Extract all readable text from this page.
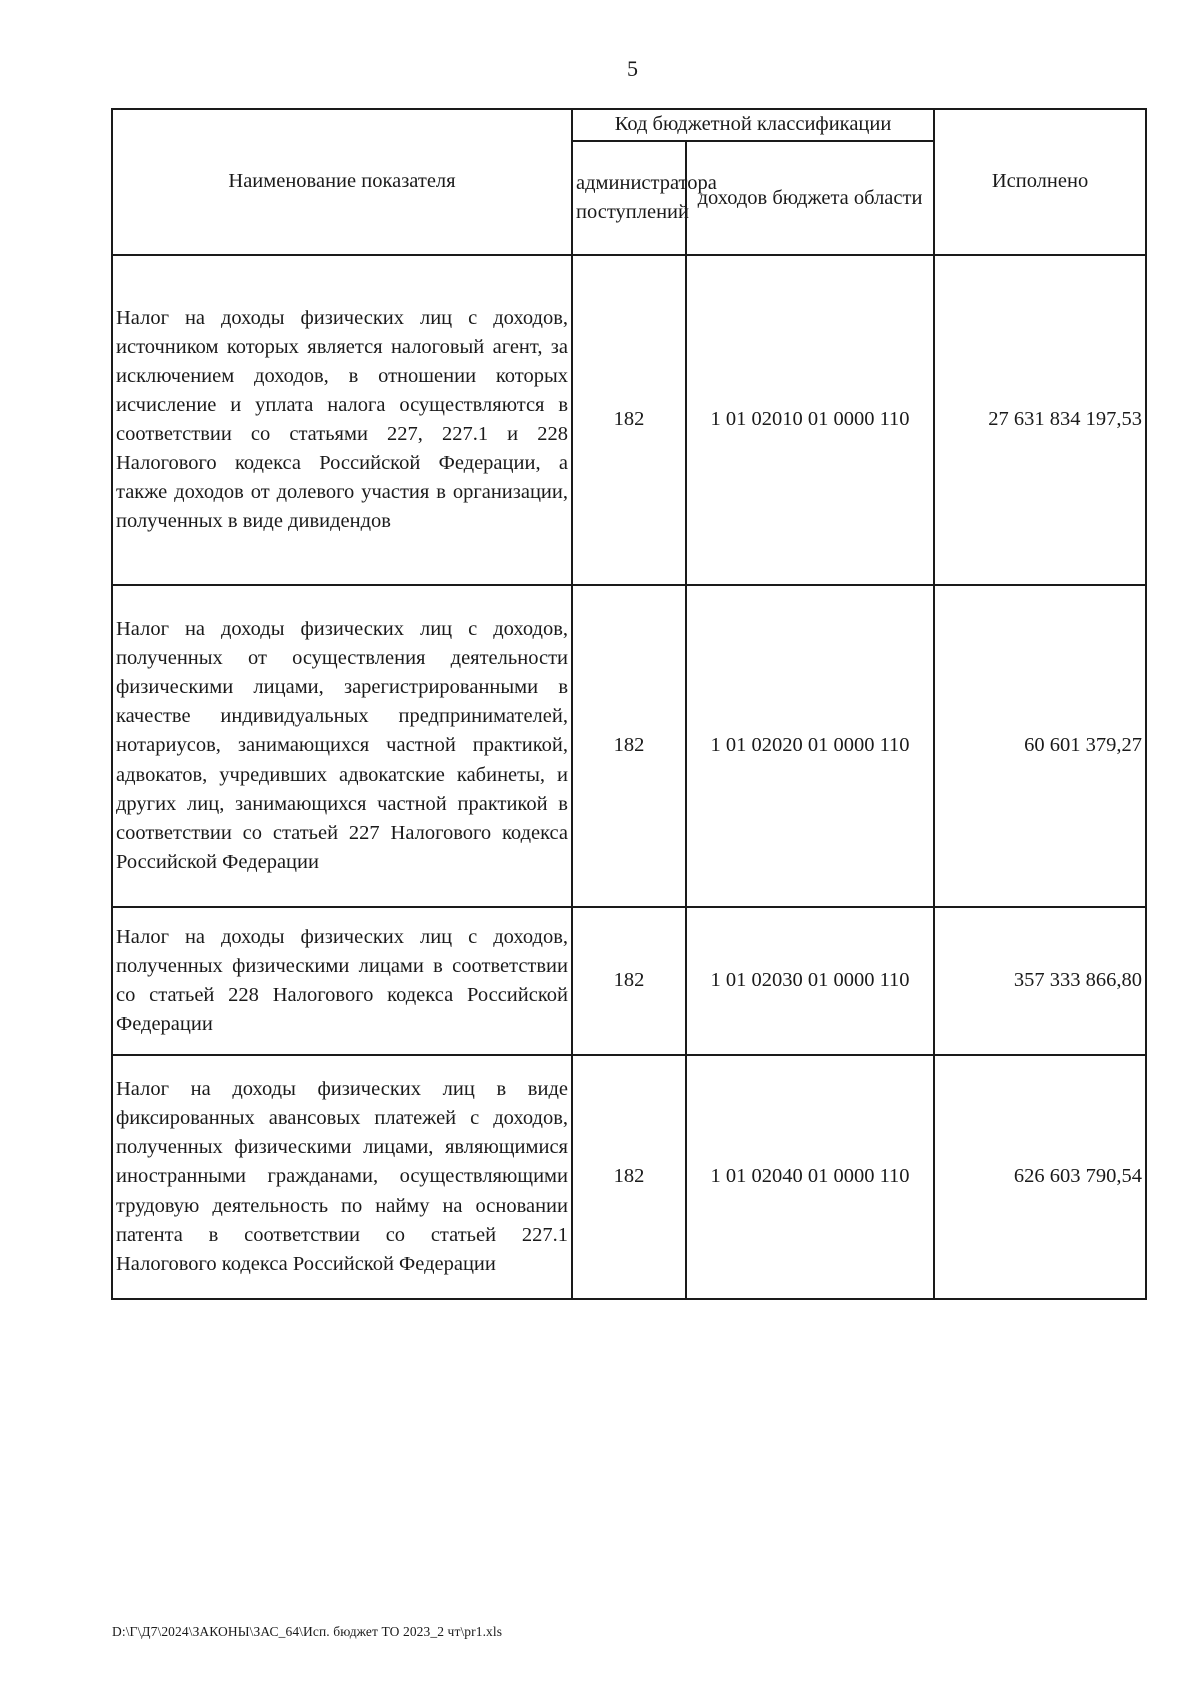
5
Наименование показателя	Код бюджетной классификации		Исполнено
	администратора поступлений	доходов бюджета области	
Налог на доходы физических лиц с доходов, источником которых является налоговый агент, за исключением доходов, в отношении которых исчисление и уплата налога осуществляются в соответствии со статьями 227, 227.1 и 228 Налогового кодекса Российской Федерации, а также доходов от долевого участия в организации, полученных в виде дивидендов	182	1 01 02010 01 0000 110	27 631 834 197,53
Налог на доходы физических лиц с доходов, полученных от осуществления деятельности физическими лицами, зарегистрированными в качестве индивидуальных предпринимателей, нотариусов, занимающихся частной практикой, адвокатов, учредивших адвокатские кабинеты, и других лиц, занимающихся частной практикой в соответствии со статьей 227 Налогового кодекса Российской Федерации	182	1 01 02020 01 0000 110	60 601 379,27
Налог на доходы физических лиц с доходов, полученных физическими лицами в соответствии со статьей 228 Налогового кодекса Российской Федерации	182	1 01 02030 01 0000 110	357 333 866,80
Налог на доходы физических лиц в виде фиксированных авансовых платежей с доходов, полученных физическими лицами, являющимися иностранными гражданами, осуществляющими трудовую деятельность по найму на основании патента в соответствии со статьей 227.1 Налогового кодекса Российской Федерации	182	1 01 02040 01 0000 110	626 603 790,54
D:\Г\Д7\2024\ЗАКОНЫ\ЗАС_64\Исп. бюджет ТО 2023_2 чт\pr1.xls
